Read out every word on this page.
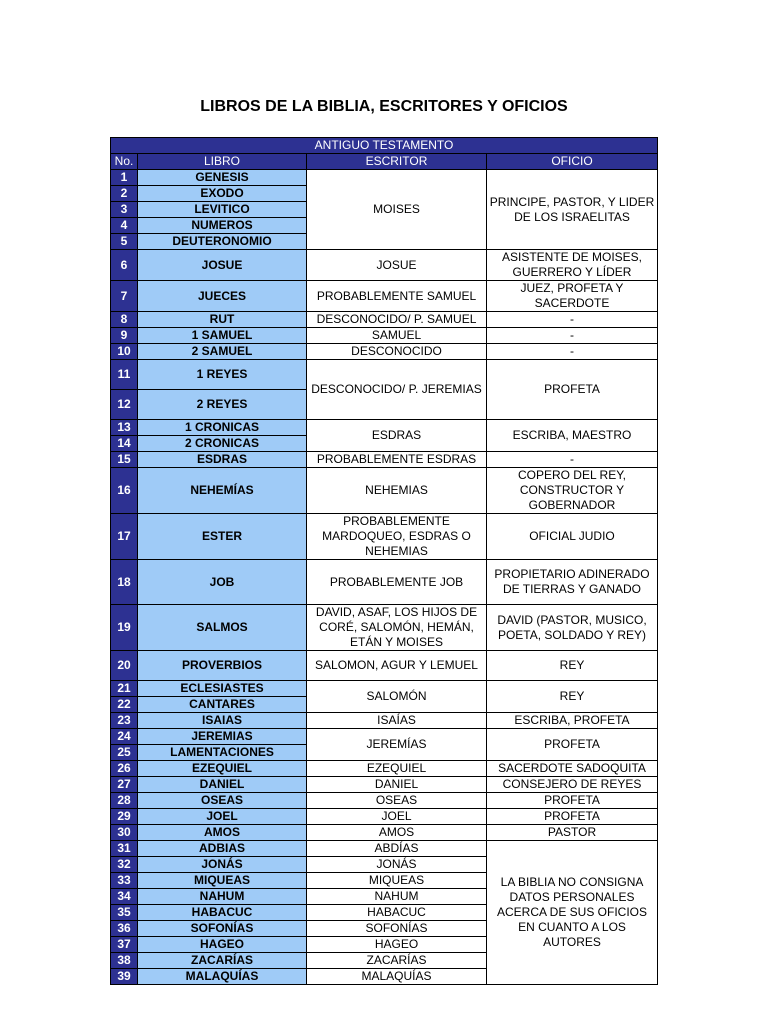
LIBROS DE LA BIBLIA, ESCRITORES Y OFICIOS
ANTIGUO TESTAMENTO			
No.	LIBRO	ESCRITOR	OFICIO
1	GENESIS	MOISES	PRINCIPE, PASTOR, Y LIDER DE LOS ISRAELITAS
2	EXODO		
3	LEVITICO		
4	NUMEROS		
5	DEUTERONOMIO		
6	JOSUE	JOSUE	ASISTENTE DE MOISES, GUERRERO Y LÍDER
7	JUECES	PROBABLEMENTE SAMUEL	JUEZ, PROFETA Y SACERDOTE
8	RUT	DESCONOCIDO/ P. SAMUEL	-
9	1 SAMUEL	SAMUEL	-
10	2 SAMUEL	DESCONOCIDO	-
11	1 REYES	DESCONOCIDO/ P. JEREMIAS	PROFETA
12	2 REYES		
13	1 CRONICAS	ESDRAS	ESCRIBA, MAESTRO
14	2 CRONICAS		
15	ESDRAS	PROBABLEMENTE ESDRAS	-
16	NEHEMÍAS	NEHEMIAS	COPERO DEL REY, CONSTRUCTOR Y GOBERNADOR
17	ESTER	PROBABLEMENTE MARDOQUEO, ESDRAS O NEHEMIAS	OFICIAL JUDIO
18	JOB	PROBABLEMENTE JOB	PROPIETARIO ADINERADO DE TIERRAS Y GANADO
19	SALMOS	DAVID, ASAF, LOS HIJOS DE CORÉ, SALOMÓN, HEMÁN, ETÁN Y MOISES	DAVID (PASTOR, MUSICO, POETA, SOLDADO Y REY)
20	PROVERBIOS	SALOMON, AGUR Y LEMUEL	REY
21	ECLESIASTES	SALOMÓN	REY
22	CANTARES		
23	ISAIAS	ISAÍAS	ESCRIBA, PROFETA
24	JEREMIAS	JEREMÍAS	PROFETA
25	LAMENTACIONES		
26	EZEQUIEL	EZEQUIEL	SACERDOTE SADOQUITA
27	DANIEL	DANIEL	CONSEJERO DE REYES
28	OSEAS	OSEAS	PROFETA
29	JOEL	JOEL	PROFETA
30	AMOS	AMOS	PASTOR
31	ADBIAS	ABDÍAS	LA BIBLIA NO CONSIGNA DATOS PERSONALES ACERCA DE SUS OFICIOS EN CUANTO A LOS AUTORES
32	JONÁS	JONÁS	
33	MIQUEAS	MIQUEAS	
34	NAHUM	NAHUM	
35	HABACUC	HABACUC	
36	SOFONÍAS	SOFONÍAS	
37	HAGEO	HAGEO	
38	ZACARÍAS	ZACARÍAS	
39	MALAQUÍAS	MALAQUÍAS	
